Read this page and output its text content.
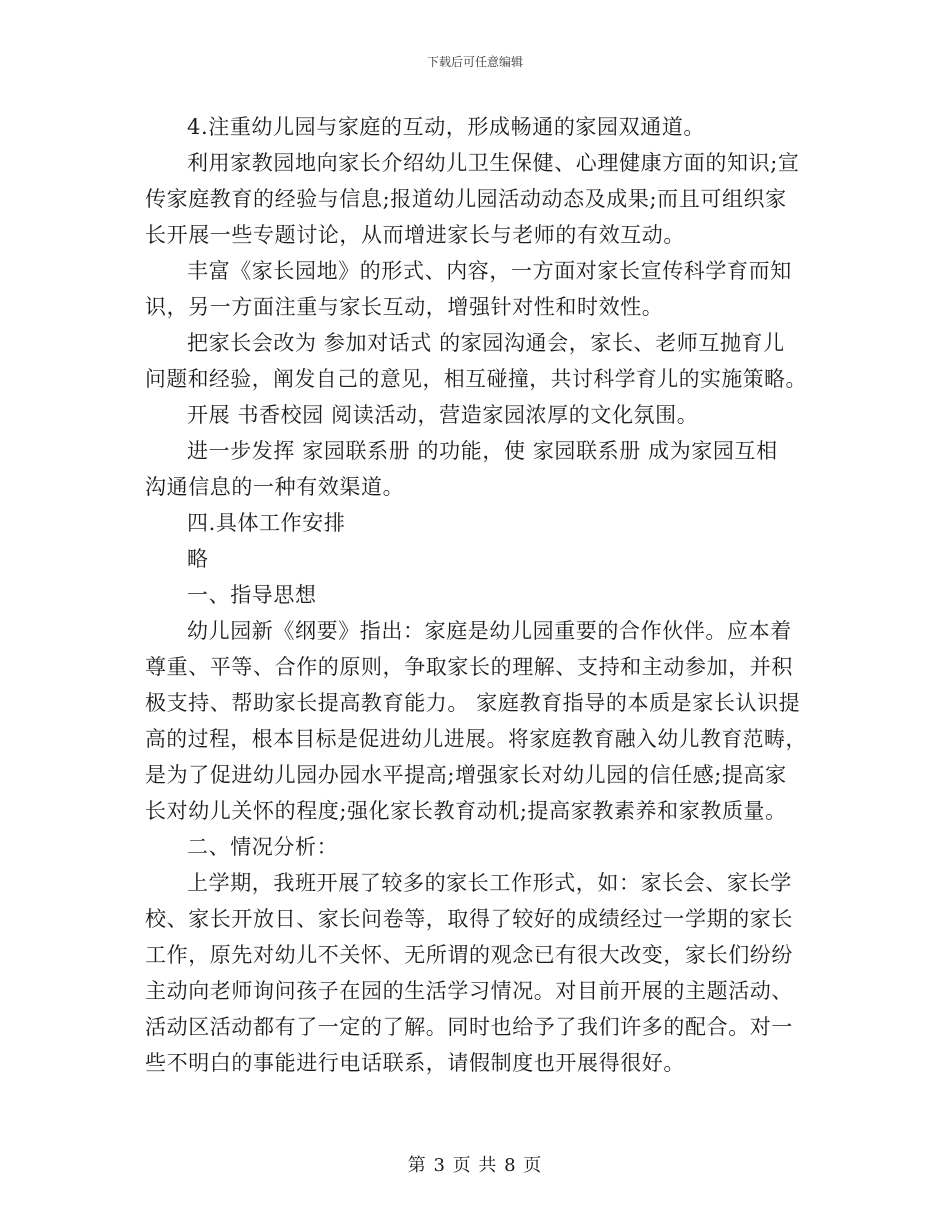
下载后可任意编辑
4.注重幼儿园与家庭的互动，形成畅通的家园双通道。
利用家教园地向家长介绍幼儿卫生保健、心理健康方面的知识;宣
传家庭教育的经验与信息;报道幼儿园活动动态及成果;而且可组织家
长开展一些专题讨论，从而增进家长与老师的有效互动。
丰富《家长园地》的形式、内容，一方面对家长宣传科学育而知
识，另一方面注重与家长互动，增强针对性和时效性。
把家长会改为 参加对话式 的家园沟通会，家长、老师互抛育儿
问题和经验，阐发自己的意见，相互碰撞，共讨科学育儿的实施策略。
开展 书香校园 阅读活动，营造家园浓厚的文化氛围。
进一步发挥 家园联系册 的功能，使 家园联系册 成为家园互相
沟通信息的一种有效渠道。
四.具体工作安排
略
一、指导思想
幼儿园新《纲要》指出：家庭是幼儿园重要的合作伙伴。应本着
尊重、平等、合作的原则，争取家长的理解、支持和主动参加，并积
极支持、帮助家长提高教育能力。 家庭教育指导的本质是家长认识提
高的过程，根本目标是促进幼儿进展。将家庭教育融入幼儿教育范畴，
是为了促进幼儿园办园水平提高;增强家长对幼儿园的信任感;提高家
长对幼儿关怀的程度;强化家长教育动机;提高家教素养和家教质量。
二、情况分析：
上学期，我班开展了较多的家长工作形式，如：家长会、家长学
校、家长开放日、家长问卷等，取得了较好的成绩经过一学期的家长
工作，原先对幼儿不关怀、无所谓的观念已有很大改变，家长们纷纷
主动向老师询问孩子在园的生活学习情况。对目前开展的主题活动、
活动区活动都有了一定的了解。同时也给予了我们许多的配合。对一
些不明白的事能进行电话联系，请假制度也开展得很好。
第 3 页 共 8 页
